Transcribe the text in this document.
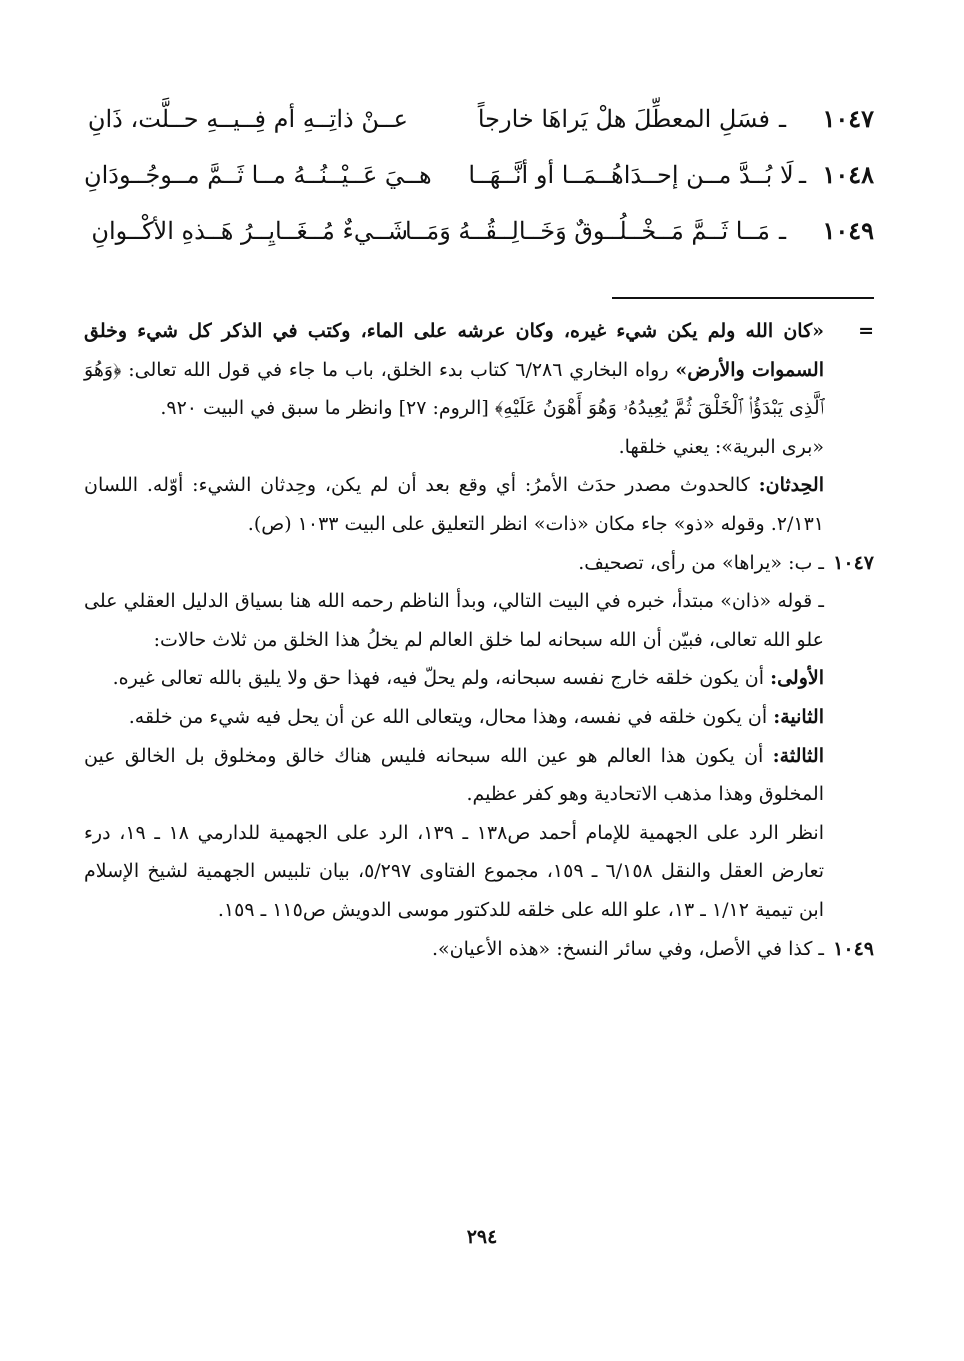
١٠٤٧
ـ
فسَلِ المعطِّلَ هلْ يَراهَا خارجاً
عــنْ ذاتِــهِ أم فِــيــهِ حــلَّت، ذَانِ
١٠٤٨
ـ
لَا بُــدَّ مــن إحــدَاهُــمَــا أو أنَّــهَــا
هــيَ عَــيْــنُــهُ مــا ثَــمَّ مــوجُــودَانِ
١٠٤٩
ـ
مَــا ثَــمَّ مَــخْــلُــوقٌ وَخَــالِــقُــهُ وَمَــا
شَــيءٌ مُــغَــايِــرُ هَــذهِ الأكْــوانِ
=
«كان الله ولم يكن شيء غيره، وكان عرشه على الماء، وكتب في الذكر كل شيء وخلق السموات والأرض» رواه البخاري ٦/٢٨٦ كتاب بدء الخلق، باب ما جاء في قول الله تعالى: ﴿وَهُوَ ٱلَّذِى يَبْدَؤُا۟ ٱلْخَلْقَ ثُمَّ يُعِيدُهُۥ وَهُوَ أَهْوَنُ عَلَيْهِ﴾ [الروم: ٢٧] وانظر ما سبق في البيت ٩٢٠.

«برى البرية»: يعني خلقها.

الحِدثان: كالحدوث مصدر حدَث الأمرُ: أي وقع بعد أن لم يكن، وحِدثان الشيء: أوّله. اللسان ٢/١٣١. وقوله «ذو» جاء مكان «ذات» انظر التعليق على البيت ١٠٣٣ (ص).

١٠٤٧
ـ ب: «يراها» من رأى، تصحيف.

ـ قوله «ذان» مبتدأ، خبره في البيت التالي، وبدأ الناظم رحمه الله هنا بسياق الدليل العقلي على علو الله تعالى، فبيّن أن الله سبحانه لما خلق العالم لم يخلُ هذا الخلق من ثلاث حالات:

الأولى: أن يكون خلقه خارج نفسه سبحانه، ولم يحلّ فيه، فهذا حق ولا يليق بالله تعالى غيره.

الثانية: أن يكون خلقه في نفسه، وهذا محال، ويتعالى الله عن أن يحل فيه شيء من خلقه.

الثالثة: أن يكون هذا العالم هو عين الله سبحانه فليس هناك خالق ومخلوق بل الخالق عين المخلوق وهذا مذهب الاتحادية وهو كفر عظيم.

انظر الرد على الجهمية للإمام أحمد ص١٣٨ ـ ١٣٩، الرد على الجهمية للدارمي ١٨ ـ ١٩، درء تعارض العقل والنقل ٦/١٥٨ ـ ١٥٩، مجموع الفتاوى ٥/٢٩٧، بيان تلبيس الجهمية لشيخ الإسلام ابن تيمية ١/١٢ ـ ١٣، علو الله على خلقه للدكتور موسى الدويش ص١١٥ ـ ١٥٩.

١٠٤٩
ـ كذا في الأصل، وفي سائر النسخ: «هذه الأعيان».
٢٩٤
